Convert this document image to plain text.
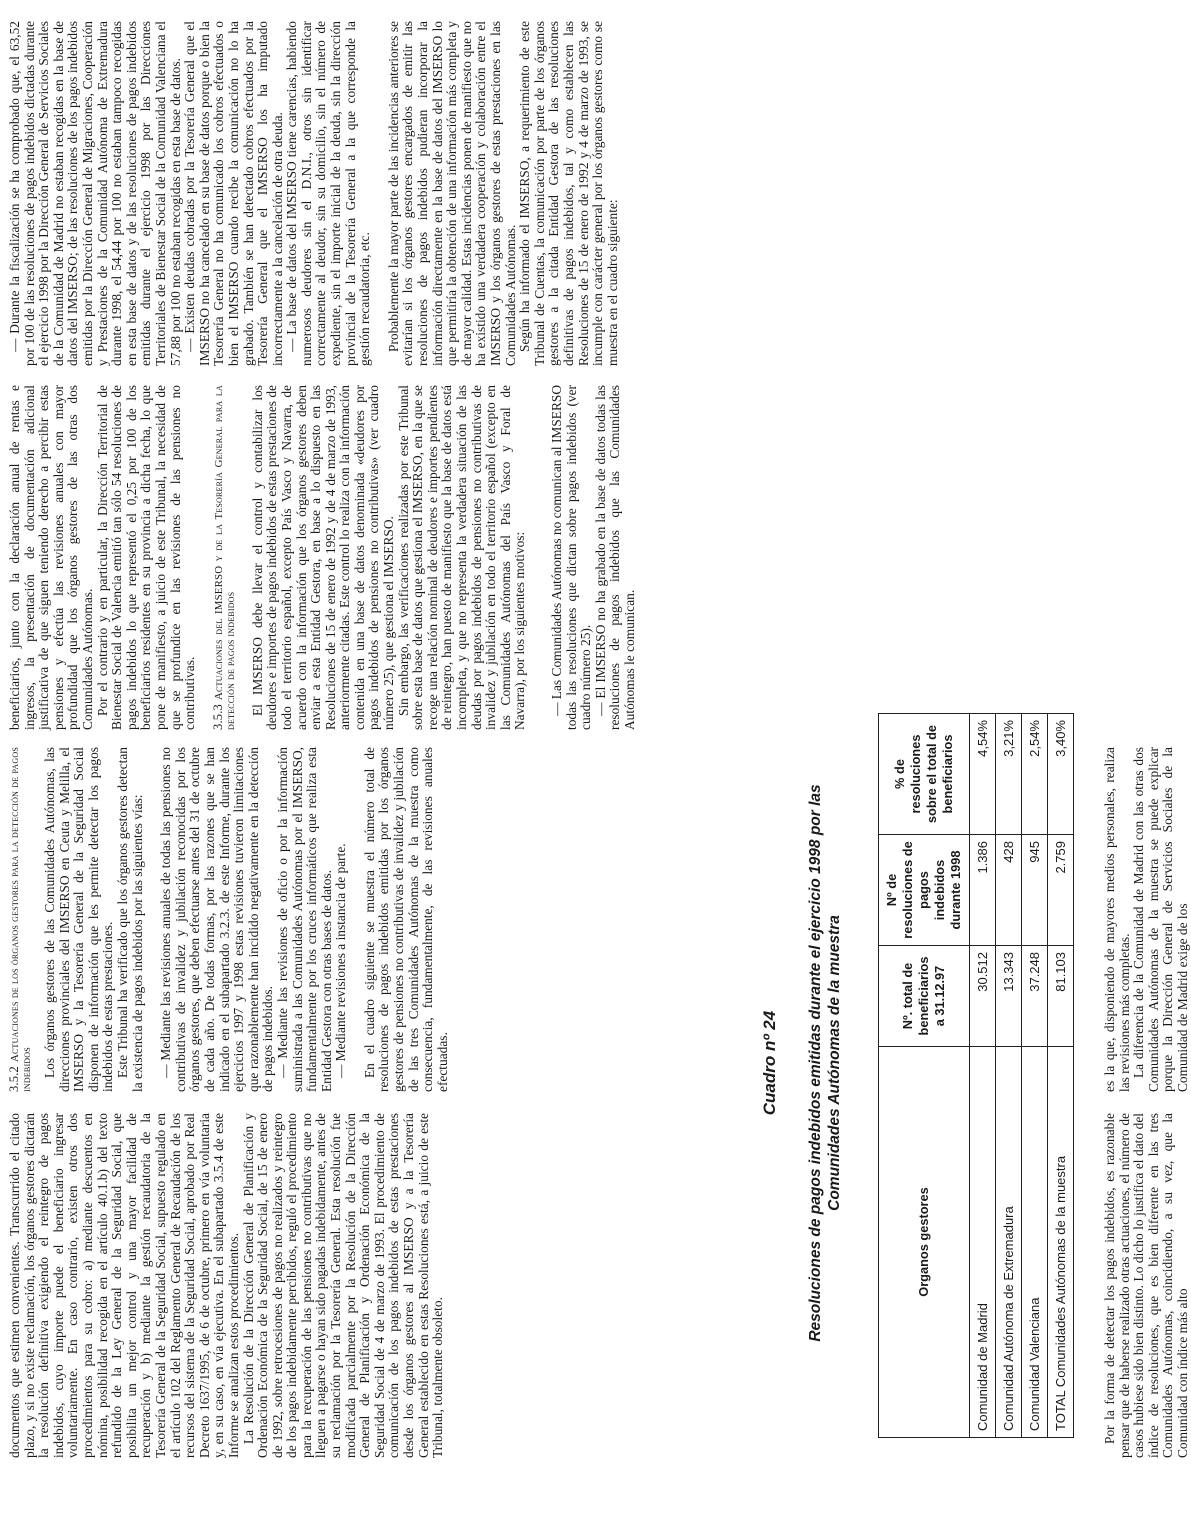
documentos que estimen convenientes. Transcurrido el citado plazo, y si no existe reclamación, los órganos gestores dictarán la resolución definitiva exigiendo el reintegro de pagos indebidos, cuyo importe puede el beneficiario ingresar voluntariamente. En caso contrario, existen otros dos procedimientos para su cobro: a) mediante descuentos en nómina, posibilidad recogida en el artículo 40.1.b) del texto refundido de la Ley General de la Seguridad Social, que posibilita un mejor control y una mayor facilidad de recuperación y b) mediante la gestión recaudatoria de la Tesorería General de la Seguridad Social, supuesto regulado en el artículo 102 del Reglamento General de Recaudación de los recursos del sistema de la Seguridad Social, aprobado por Real Decreto 1637/1995, de 6 de octubre, primero en vía voluntaria y, en su caso, en vía ejecutiva. En el subapartado 3.5.4 de este Informe se analizan estos procedimientos. La Resolución de la Dirección General de Planificación y Ordenación Económica de la Seguridad Social, de 15 de enero de 1992, sobre retrocesiones de pagos no realizados y reintegro de los pagos indebidamente percibidos, reguló el procedimiento para la recuperación de las pensiones no contributivas que no lleguen a pagarse o hayan sido pagadas indebidamente, antes de su reclamación por la Tesorería General. Esta resolución fue modificada parcialmente por la Resolución de la Dirección General de Planificación y Ordenación Económica de la Seguridad Social de 4 de marzo de 1993. El procedimiento de comunicación de los pagos indebidos de estas prestaciones desde los órganos gestores al IMSERSO y a la Tesorería General establecido en estas Resoluciones está, a juicio de este Tribunal, totalmente obsoleto.

3.5.2Actuaciones de los órganos gestores para la detección de pagos indebidos Los órganos gestores de las Comunidades Autónomas, las direcciones provinciales del IMSERSO en Ceuta y Melilla, el IMSERSO y la Tesorería General de la Seguridad Social disponen de información que les permite detectar los pagos indebidos de estas prestaciones. Este Tribunal ha verificado que los órganos gestores detectan la existencia de pagos indebidos por las siguientes vías: — Mediante las revisiones anuales de todas las pensiones no contributivas de invalidez y jubilación reconocidas por los órganos gestores, que deben efectuarse antes del 31 de octubre de cada año. De todas formas, por las razones que se han indicado en el subapartado 3.2.3. de este Informe, durante los ejercicios 1997 y 1998 estas revisiones tuvieron limitaciones que razonablemente han incidido negativamente en la detección de pagos indebidos. — Mediante las revisiones de oficio o por la información suministrada a las Comunidades Autónomas por el IMSERSO, fundamentalmente por los cruces informáticos que realiza esta Entidad Gestora con otras bases de datos. — Mediante revisiones a instancia de parte. En el cuadro siguiente se muestra el número total de resoluciones de pagos indebidos emitidas por los órganos gestores de pensiones no contributivas de invalidez y jubilación de las tres Comunidades Autónomas de la muestra como consecuencia, fundamentalmente, de las revisiones anuales efectuadas.

beneficiarios, junto con la declaración anual de rentas e ingresos, la presentación de documentación adicional justificativa de que siguen teniendo derecho a percibir estas pensiones y efectúa las revisiones anuales con mayor profundidad que los órganos gestores de las otras dos Comunidades Autónomas. Por el contrario y en particular, la Dirección Territorial de Bienestar Social de Valencia emitió tan sólo 54 resoluciones de pagos indebidos lo que representó el 0,25 por 100 de los beneficiarios residentes en su provincia a dicha fecha, lo que pone de manifiesto, a juicio de este Tribunal, la necesidad de que se profundice en las revisiones de las pensiones no contributivas. 3.5.3Actuaciones del IMSERSO y de la Tesorería General para la detección de pagos indebidos El IMSERSO debe llevar el control y contabilizar los deudores e importes de pagos indebidos de estas prestaciones de todo el territorio español, excepto País Vasco y Navarra, de acuerdo con la información que los órganos gestores deben enviar a esta Entidad Gestora, en base a lo dispuesto en las Resoluciones de 15 de enero de 1992 y de 4 de marzo de 1993, anteriormente citadas. Este control lo realiza con la información contenida en una base de datos denominada «deudores por pagos indebidos de pensiones no contributivas» (ver cuadro número 25), que gestiona el IMSERSO. Sin embargo, las verificaciones realizadas por este Tribunal sobre esta base de datos que gestiona el IMSERSO, en la que se recoge una relación nominal de deudores e importes pendientes de reintegro, han puesto de manifiesto que la base de datos está incompleta, y que no representa la verdadera situación de las deudas por pagos indebidos de pensiones no contributivas de invalidez y jubilación en todo el territorio español (excepto en las Comunidades Autónomas del País Vasco y Foral de Navarra), por los siguientes motivos: — Las Comunidades Autónomas no comunican al IMSERSO todas las resoluciones que dictan sobre pagos indebidos (ver cuadro número 25). — El IMSERSO no ha grabado en la base de datos todas las resoluciones de pagos indebidos que las Comunidades Autónomas le comunican.

— Durante la fiscalización se ha comprobado que, el 63,52 por 100 de las resoluciones de pagos indebidos dictadas durante el ejercicio 1998 por la Dirección General de Servicios Sociales de la Comunidad de Madrid no estaban recogidas en la base de datos del IMSERSO; de las resoluciones de los pagos indebidos emitidas por la Dirección General de Migraciones, Cooperación y Prestaciones de la Comunidad Autónoma de Extremadura durante 1998, el 54,44 por 100 no estaban tampoco recogidas en esta base de datos y de las resoluciones de pagos indebidos emitidas durante el ejercicio 1998 por las Direcciones Territoriales de Bienestar Social de la Comunidad Valenciana el 57,88 por 100 no estaban recogidas en esta base de datos. — Existen deudas cobradas por la Tesorería General que el IMSERSO no ha cancelado en su base de datos porque o bien la Tesorería General no ha comunicado los cobros efectuados o bien el IMSERSO cuando recibe la comunicación no lo ha grabado. También se han detectado cobros efectuados por la Tesorería General que el IMSERSO los ha imputado incorrectamente a la cancelación de otra deuda. — La base de datos del IMSERSO tiene carencias, habiendo numerosos deudores sin el D.N.I., otros sin identificar correctamente al deudor, sin su domicilio, sin el número de expediente, sin el importe inicial de la deuda, sin la dirección provincial de la Tesorería General a la que corresponde la gestión recaudatoria, etc. Probablemente la mayor parte de las incidencias anteriores se evitarían si los órganos gestores encargados de emitir las resoluciones de pagos indebidos pudieran incorporar la información directamente en la base de datos del IMSERSO lo que permitiría la obtención de una información más completa y de mayor calidad. Estas incidencias ponen de manifiesto que no ha existido una verdadera cooperación y colaboración entre el IMSERSO y los órganos gestores de estas prestaciones en las Comunidades Autónomas. Según ha informado el IMSERSO, a requerimiento de este Tribunal de Cuentas, la comunicación por parte de los órganos gestores a la citada Entidad Gestora de las resoluciones definitivas de pagos indebidos, tal y como establecen las Resoluciones de 15 de enero de 1992 y 4 de marzo de 1993, se incumple con carácter general por los órganos gestores como se muestra en el cuadro siguiente:

Cuadro nº 24 Resoluciones de pagos indebidos emitidas durante el ejercicio 1998 por las Comunidades Autónomas de la muestra
Organos gestores	Nº. total de beneficiarios a 31.12.97	Nº de resoluciones de pagos indebidos durante 1998	% de resoluciones sobre el total de beneficiarios
Comunidad de Madrid	30.512	1.386	4,54%
Comunidad Autónoma de Extremadura	13.343	428	3,21%
Comunidad Valenciana	37.248	945	2,54%
TOTAL Comunidades Autónomas de la muestra	81.103	2.759	3,40%

Por la forma de detectar los pagos indebidos, es razonable pensar que de haberse realizado otras actuaciones, el número de casos hubiese sido bien distinto. Lo dicho lo justifica el dato del índice de resoluciones, que es bien diferente en las tres Comunidades Autónomas, coincidiendo, a su vez, que la Comunidad con índice más alto

es la que, disponiendo de mayores medios personales, realiza las revisiones más completas. La diferencia de la Comunidad de Madrid con las otras dos Comunidades Autónomas de la muestra se puede explicar porque la Dirección General de Servicios Sociales de la Comunidad de Madrid exige de los
